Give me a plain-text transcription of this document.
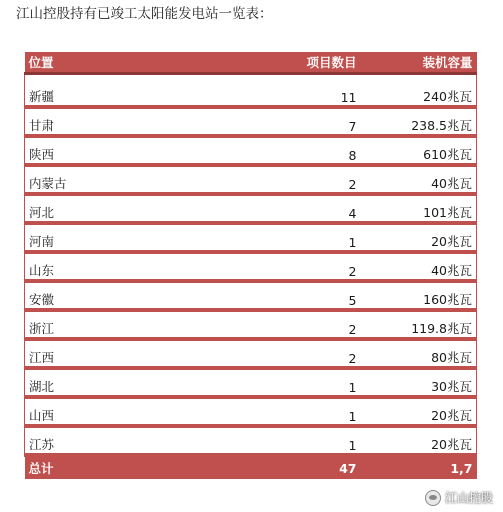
江山控股持有已竣工太阳能发电站一览表：
位置	项目数目	装机容量
新疆	11	240兆瓦
甘肃	7	238.5兆瓦
陕西	8	610兆瓦
内蒙古	2	40兆瓦
河北	4	101兆瓦
河南	1	20兆瓦
山东	2	40兆瓦
安徽	5	160兆瓦
浙江	2	119.8兆瓦
江西	2	80兆瓦
湖北	1	30兆瓦
山西	1	20兆瓦
江苏	1	20兆瓦
总计	47	1,7
江山控股
